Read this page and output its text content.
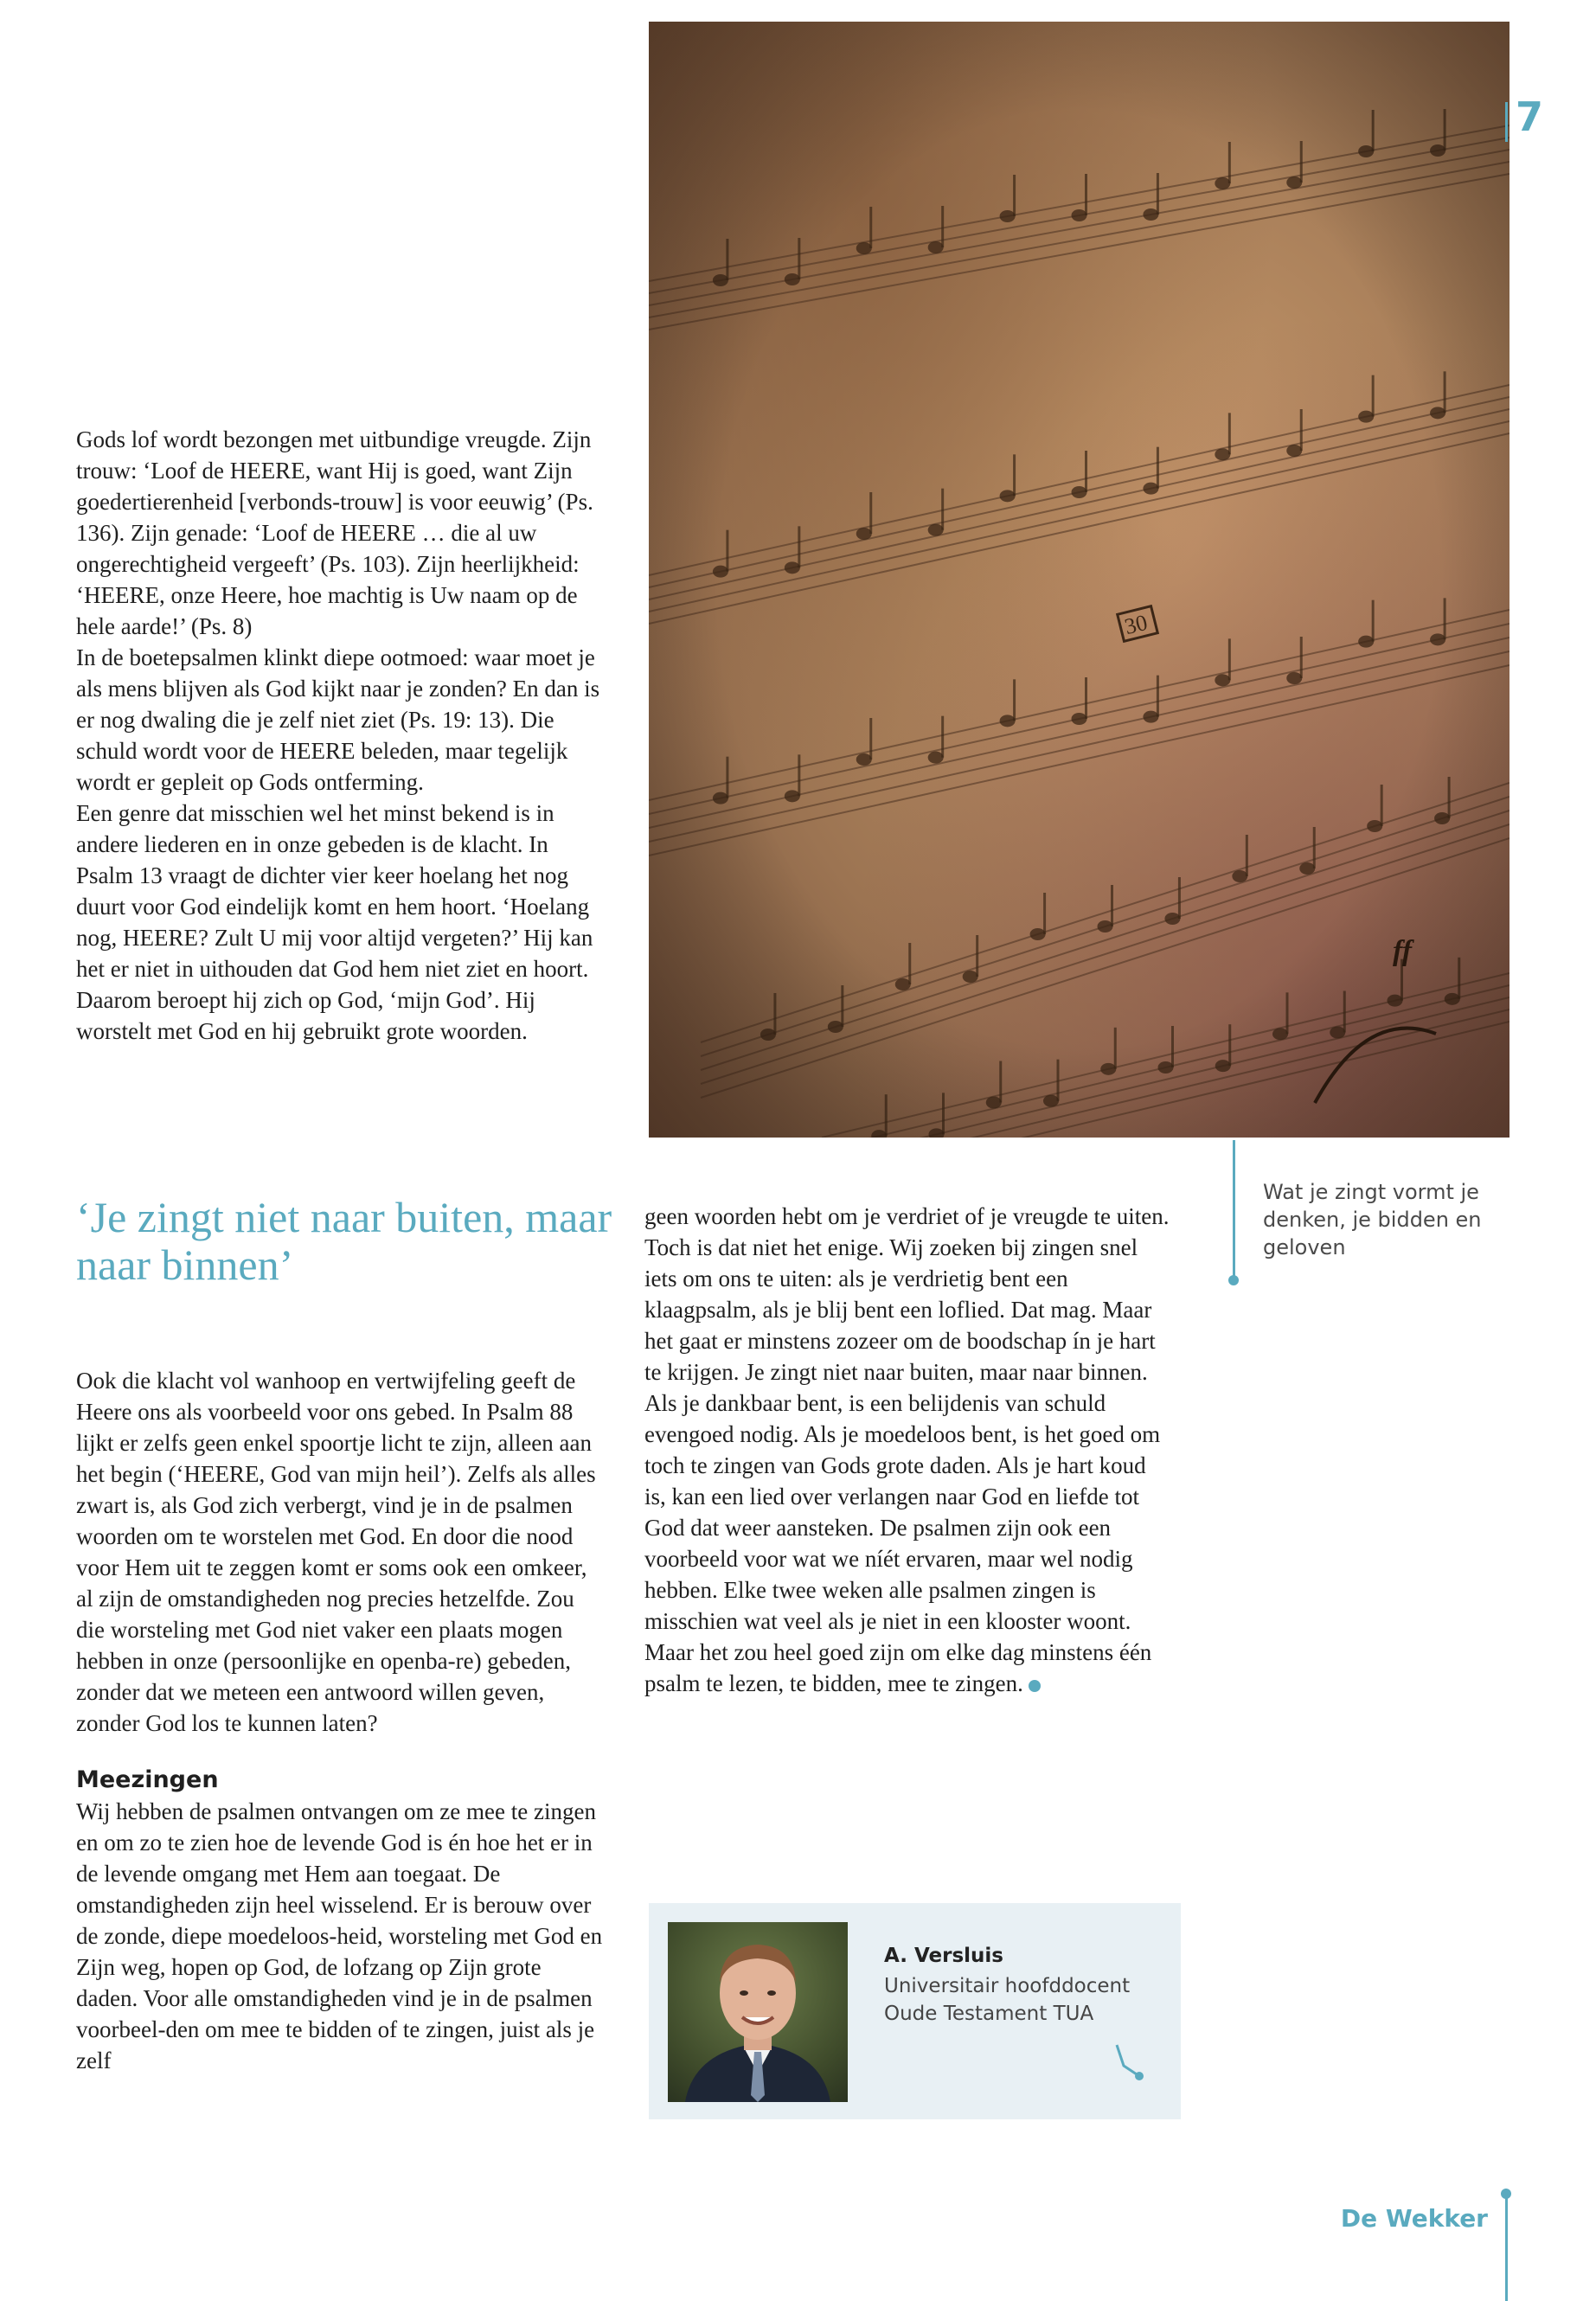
7

Gods lof wordt bezongen met uitbundige vreugde. Zijn trouw: ‘Loof de HEERE, want Hij is goed, want Zijn goedertierenheid [verbonds-trouw] is voor eeuwig’ (Ps. 136). Zijn genade: ‘Loof de HEERE … die al uw ongerechtigheid vergeeft’ (Ps. 103). Zijn heerlijkheid: ‘HEERE, onze Heere, hoe machtig is Uw naam op de hele aarde!’ (Ps. 8)

In de boetepsalmen klinkt diepe ootmoed: waar moet je als mens blijven als God kijkt naar je zonden? En dan is er nog dwaling die je zelf niet ziet (Ps. 19: 13). Die schuld wordt voor de HEERE beleden, maar tegelijk wordt er gepleit op Gods ontferming.

Een genre dat misschien wel het minst bekend is in andere liederen en in onze gebeden is de klacht. In Psalm 13 vraagt de dichter vier keer hoelang het nog duurt voor God eindelijk komt en hem hoort. ‘Hoelang nog, HEERE? Zult U mij voor altijd vergeten?’ Hij kan het er niet in uithouden dat God hem niet ziet en hoort. Daarom beroept hij zich op God, ‘mijn God’. Hij worstelt met God en hij gebruikt grote woorden.

‘Je zingt niet naar buiten, maar naar binnen’

Ook die klacht vol wanhoop en vertwijfeling geeft de Heere ons als voorbeeld voor ons gebed. In Psalm 88 lijkt er zelfs geen enkel spoortje licht te zijn, alleen aan het begin (‘HEERE, God van mijn heil’). Zelfs als alles zwart is, als God zich verbergt, vind je in de psalmen woorden om te worstelen met God. En door die nood voor Hem uit te zeggen komt er soms ook een omkeer, al zijn de omstandigheden nog precies hetzelfde. Zou die worsteling met God niet vaker een plaats mogen hebben in onze (persoonlijke en openba-re) gebeden, zonder dat we meteen een antwoord willen geven, zonder God los te kunnen laten?

Meezingen

Wij hebben de psalmen ontvangen om ze mee te zingen en om zo te zien hoe de levende God is én hoe het er in de levende omgang met Hem aan toegaat. De omstandigheden zijn heel wisselend. Er is berouw over de zonde, diepe moedeloos-heid, worsteling met God en Zijn weg, hopen op God, de lofzang op Zijn grote daden. Voor alle omstandigheden vind je in de psalmen voorbeel-den om mee te bidden of te zingen, juist als je zelf

geen woorden hebt om je verdriet of je vreugde te uiten.

Toch is dat niet het enige. Wij zoeken bij zingen snel iets om ons te uiten: als je verdrietig bent een klaagpsalm, als je blij bent een loflied. Dat mag. Maar het gaat er minstens zozeer om de boodschap ín je hart te krijgen. Je zingt niet naar buiten, maar naar binnen. Als je dankbaar bent, is een belijdenis van schuld evengoed nodig. Als je moedeloos bent, is het goed om toch te zingen van Gods grote daden. Als je hart koud is, kan een lied over verlangen naar God en liefde tot God dat weer aansteken. De psalmen zijn ook een voorbeeld voor wat we níét ervaren, maar wel nodig hebben. Elke twee weken alle psalmen zingen is misschien wat veel als je niet in een klooster woont. Maar het zou heel goed zijn om elke dag minstens één psalm te lezen, te bidden, mee te zingen.

Wat je zingt vormt je denken, je bidden en geloven
A. Versluis
Universitair hoofddocent Oude Testament TUA
De Wekker
